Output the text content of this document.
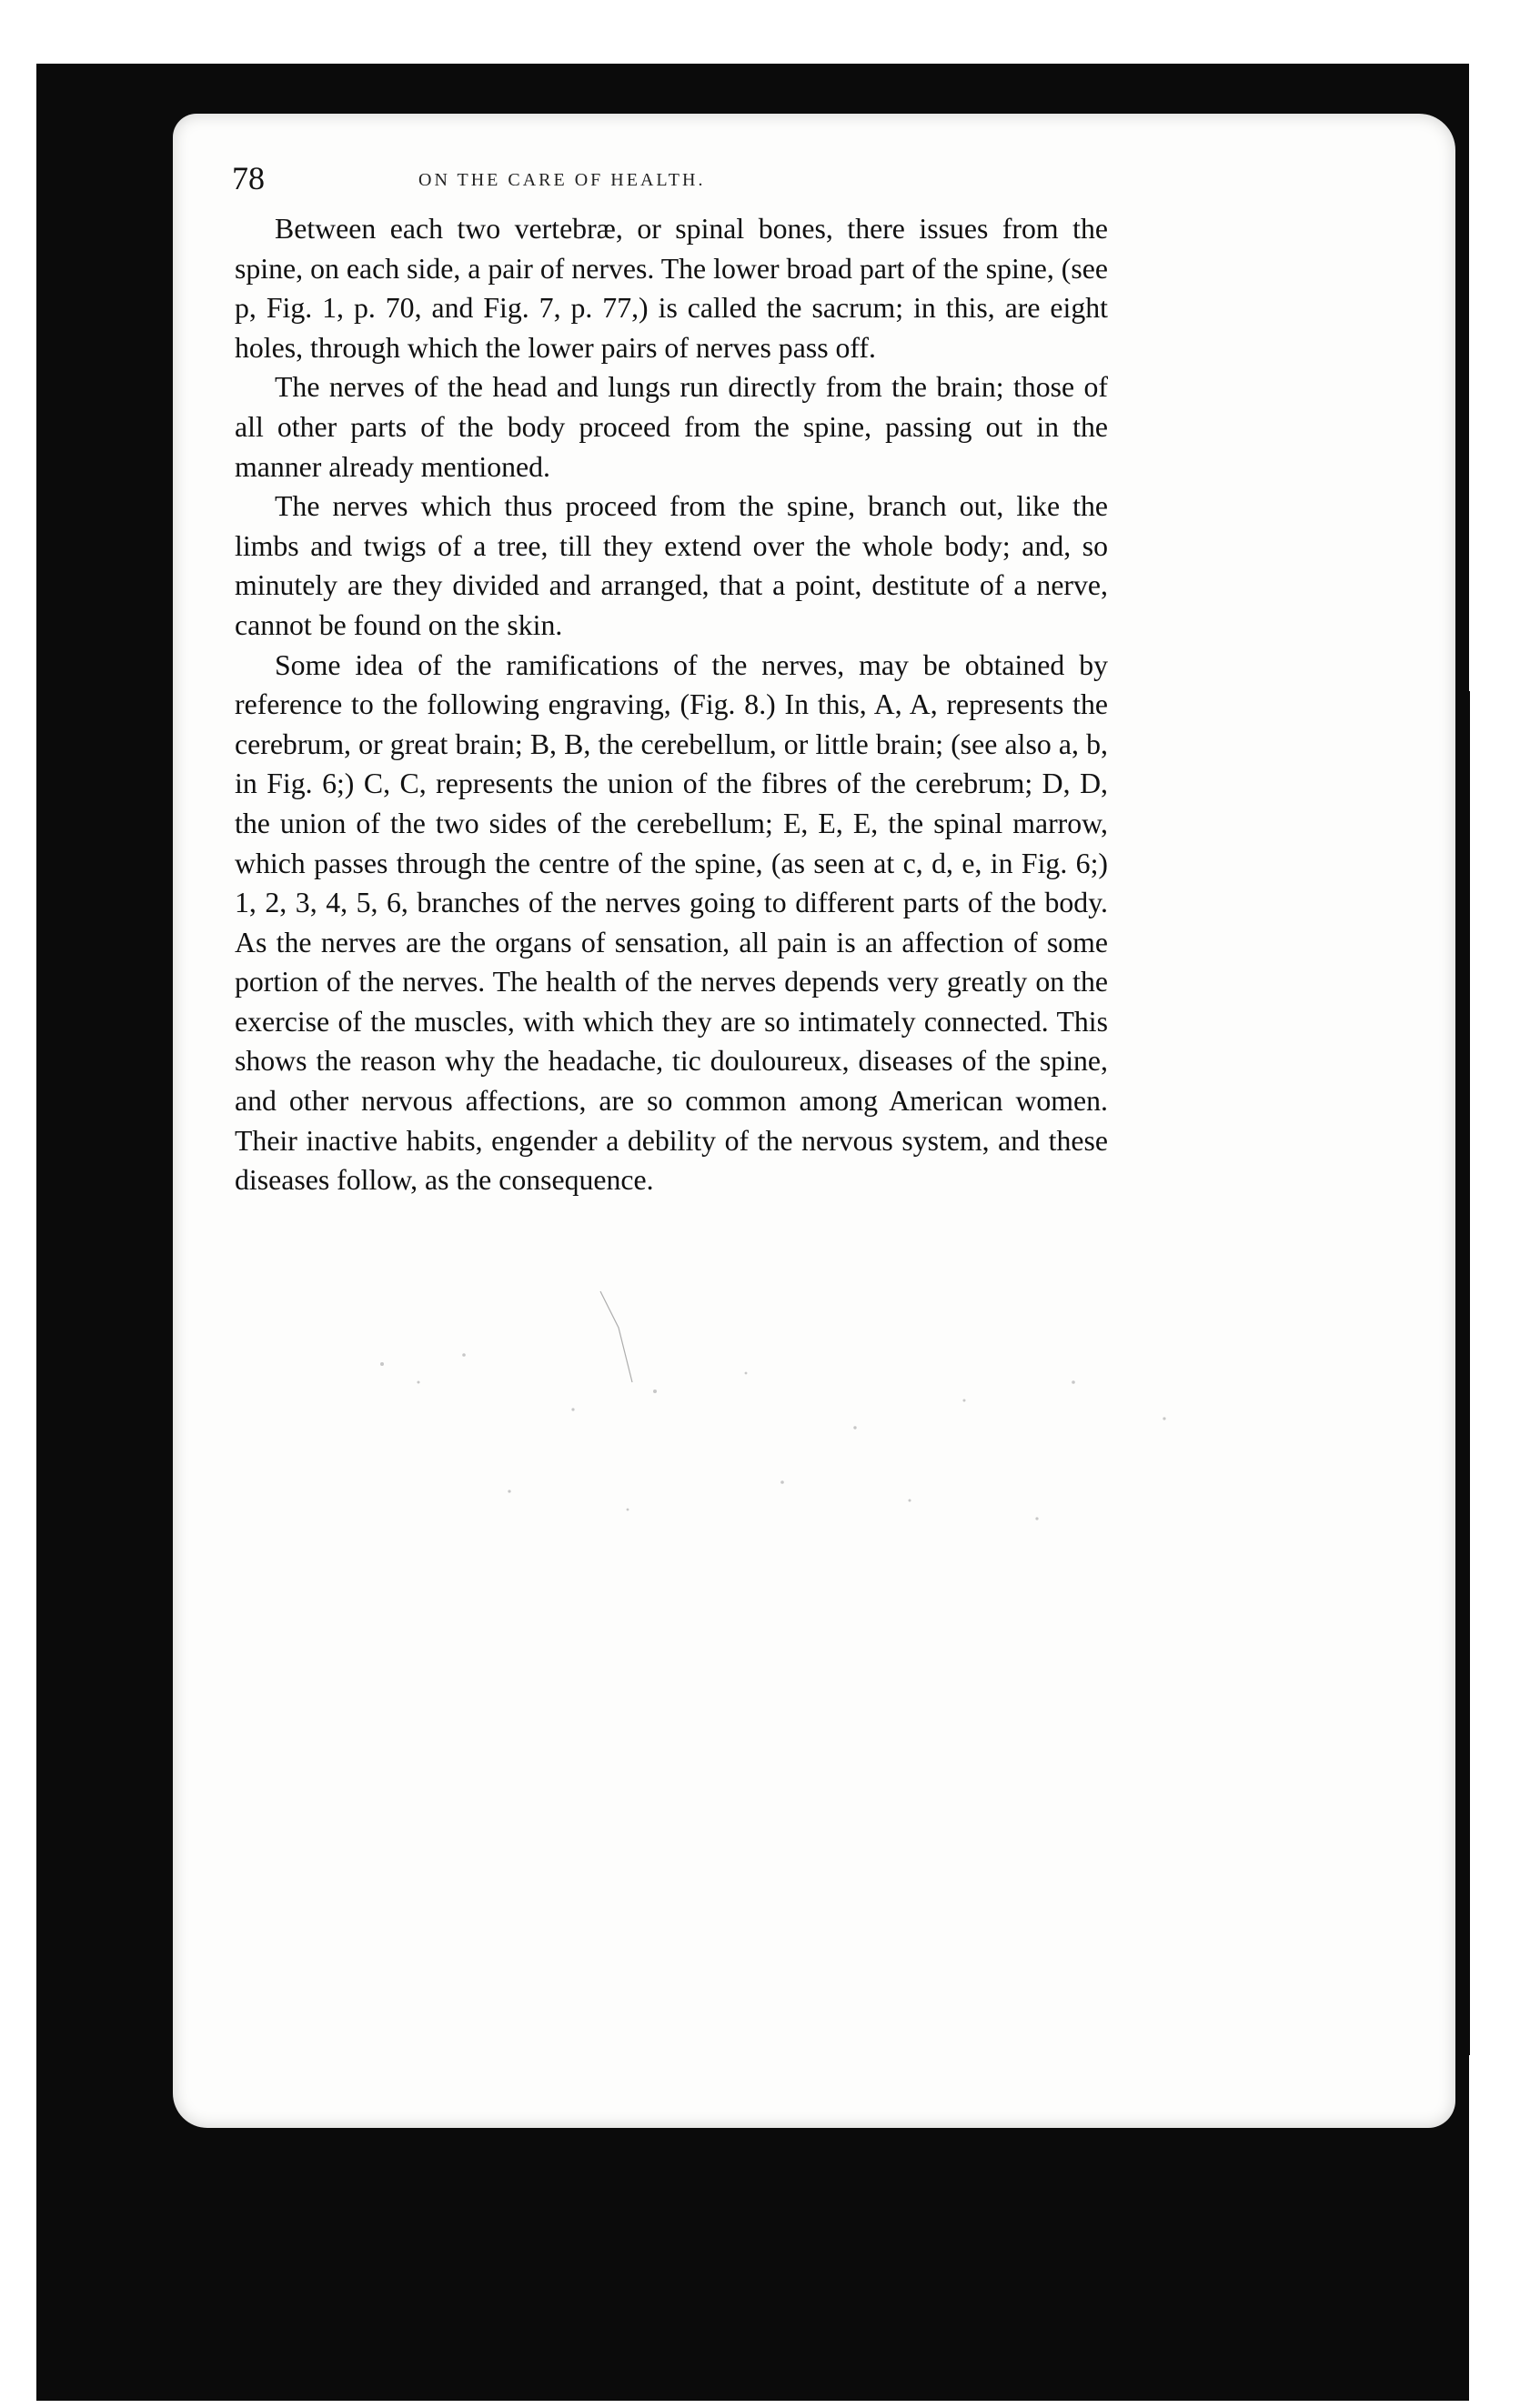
78	ON THE CARE OF HEALTH.

Between each two vertebræ, or spinal bones, there issues from the spine, on each side, a pair of nerves. The lower broad part of the spine, (see p, Fig. 1, p. 70, and Fig. 7, p. 77,) is called the sacrum; in this, are eight holes, through which the lower pairs of nerves pass off.

The nerves of the head and lungs run directly from the brain; those of all other parts of the body proceed from the spine, passing out in the manner already mentioned.

The nerves which thus proceed from the spine, branch out, like the limbs and twigs of a tree, till they extend over the whole body; and, so minutely are they divided and arranged, that a point, destitute of a nerve, cannot be found on the skin.

Some idea of the ramifications of the nerves, may be obtained by reference to the following engraving, (Fig. 8.) In this, A, A, represents the cerebrum, or great brain; B, B, the cerebellum, or little brain; (see also a, b, in Fig. 6;) C, C, represents the union of the fibres of the cerebrum; D, D, the union of the two sides of the cerebellum; E, E, E, the spinal marrow, which passes through the centre of the spine, (as seen at c, d, e, in Fig. 6;) 1, 2, 3, 4, 5, 6, branches of the nerves going to different parts of the body. As the nerves are the organs of sensation, all pain is an affection of some portion of the nerves. The health of the nerves depends very greatly on the exercise of the muscles, with which they are so intimately connected. This shows the reason why the headache, tic douloureux, diseases of the spine, and other nervous affections, are so common among American women. Their inactive habits, engender a debility of the nervous system, and these diseases follow, as the consequence.
